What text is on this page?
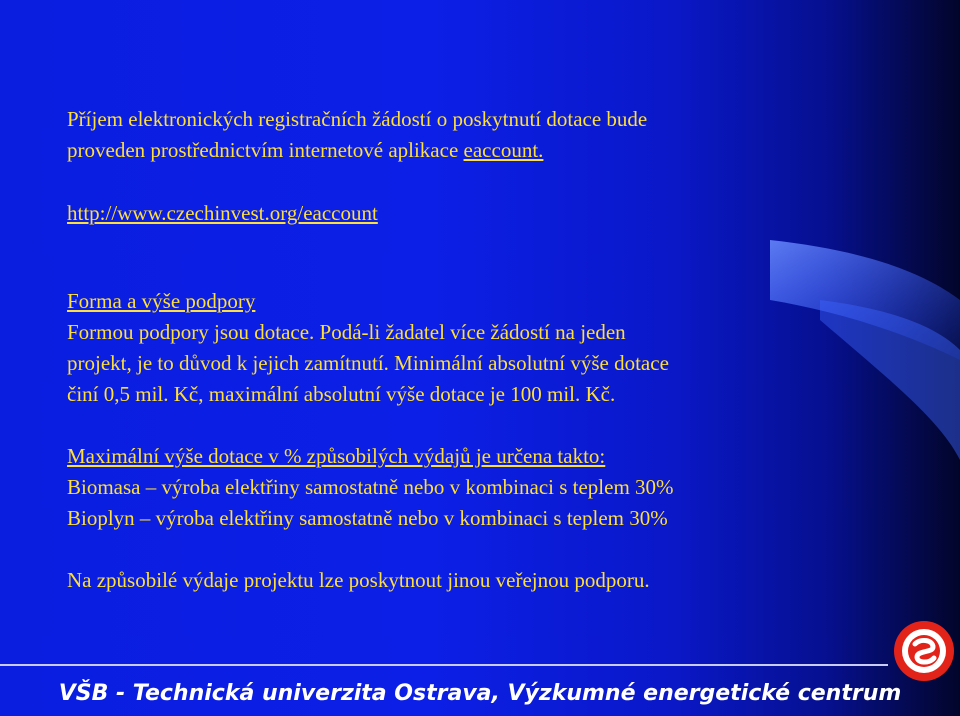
Příjem elektronických registračních žádostí o poskytnutí dotace bude

proveden prostřednictvím internetové aplikace eaccount.

http://www.czechinvest.org/eaccount

Forma a výše podpory

Formou podpory jsou dotace. Podá-li žadatel více žádostí na jeden

projekt, je to důvod k jejich zamítnutí. Minimální absolutní výše dotace

činí 0,5 mil. Kč, maximální absolutní výše dotace je 100 mil. Kč.

Maximální výše dotace v % způsobilých výdajů je určena takto:

Biomasa – výroba elektřiny samostatně nebo v kombinaci s teplem 30%

Bioplyn – výroba elektřiny samostatně nebo v kombinaci s teplem 30%

Na způsobilé výdaje projektu lze poskytnout jinou veřejnou podporu.

VŠB - Technická univerzita Ostrava, Výzkumné energetické centrum
